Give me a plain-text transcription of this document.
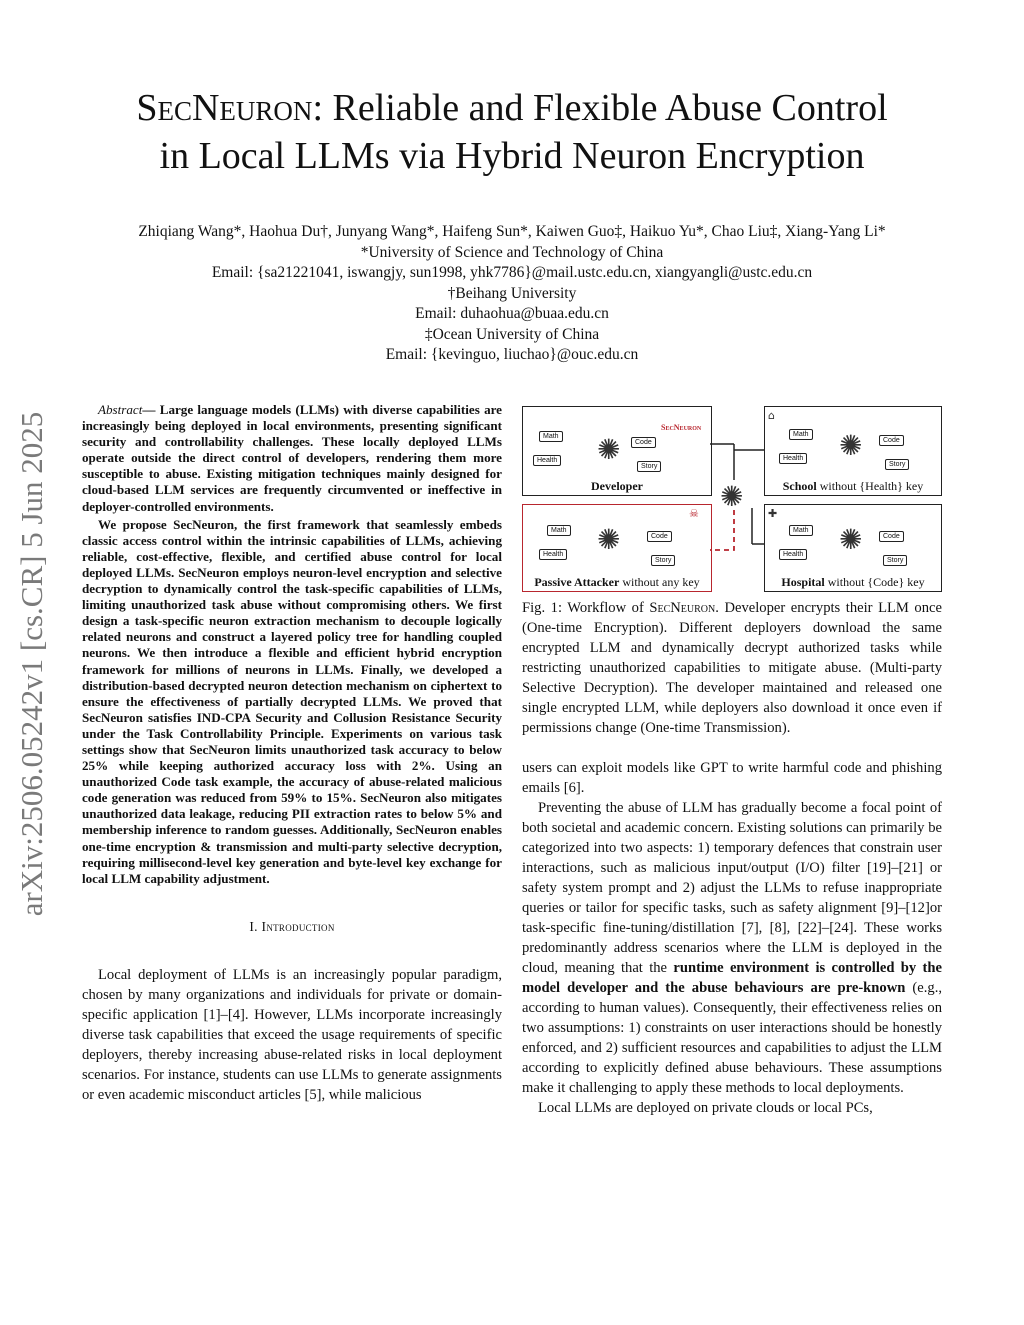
SecNeuron: Reliable and Flexible Abuse Control
in Local LLMs via Hybrid Neuron Encryption
Zhiqiang Wang*, Haohua Du†, Junyang Wang*, Haifeng Sun*, Kaiwen Guo‡, Haikuo Yu*, Chao Liu‡, Xiang-Yang Li*
*University of Science and Technology of China
Email: {sa21221041, iswangjy, sun1998, yhk7786}@mail.ustc.edu.cn, xiangyangli@ustc.edu.cn
†Beihang University
Email: duhaohua@buaa.edu.cn
‡Ocean University of China
Email: {kevinguo, liuchao}@ouc.edu.cn
arXiv:2506.05242v1 [cs.CR] 5 Jun 2025

Abstract— Large language models (LLMs) with diverse capabilities are increasingly being deployed in local environments, presenting significant security and controllability challenges. These locally deployed LLMs operate outside the direct control of developers, rendering them more susceptible to abuse. Existing mitigation techniques mainly designed for cloud-based LLM services are frequently circumvented or ineffective in deployer-controlled environments.

We propose SecNeuron, the first framework that seamlessly embeds classic access control within the intrinsic capabilities of LLMs, achieving reliable, cost-effective, flexible, and certified abuse control for local deployed LLMs. SecNeuron employs neuron-level encryption and selective decryption to dynamically control the task-specific capabilities of LLMs, limiting unauthorized task abuse without compromising others. We first design a task-specific neuron extraction mechanism to decouple logically related neurons and construct a layered policy tree for handling coupled neurons. We then introduce a flexible and efficient hybrid encryption framework for millions of neurons in LLMs. Finally, we developed a distribution-based decrypted neuron detection mechanism on ciphertext to ensure the effectiveness of partially decrypted LLMs. We proved that SecNeuron satisfies IND-CPA Security and Collusion Resistance Security under the Task Controllability Principle. Experiments on various task settings show that SecNeuron limits unauthorized task accuracy to below 25% while keeping authorized accuracy loss with 2%. Using an unauthorized Code task example, the accuracy of abuse-related malicious code generation was reduced from 59% to 15%. SecNeuron also mitigates unauthorized data leakage, reducing PII extraction rates to below 5% and membership inference to random guesses. Additionally, SecNeuron enables one-time encryption & transmission and multi-party selective decryption, requiring millisecond-level key generation and byte-level key exchange for local LLM capability adjustment.

I. Introduction

Local deployment of LLMs is an increasingly popular paradigm, chosen by many organizations and individuals for private or domain-specific application [1]–[4]. However, LLMs incorporate increasingly diverse task capabilities that exceed the usage requirements of specific deployers, thereby increasing abuse-related risks in local deployment scenarios. For instance, students can use LLMs to generate assignments or even academic misconduct articles [5], while malicious

SecNeuron
Math
Code
Health
Story
✺
Developer
⌂
Math
Code
Health
Story
✺
School without {Health} key
✺
Math
Code
Health
Story
✺
☠
Passive Attacker without any key
✚
Math
Code
Health
Story
✺
Hospital without {Code} key

Fig. 1: Workflow of SecNeuron. Developer encrypts their LLM once (One-time Encryption). Different deployers download the same encrypted LLM and dynamically decrypt authorized tasks while restricting unauthorized capabilities to mitigate abuse. (Multi-party Selective Decryption). The developer maintained and released one single encrypted LLM, while deployers also download it once even if permissions change (One-time Transmission).

users can exploit models like GPT to write harmful code and phishing emails [6].

Preventing the abuse of LLM has gradually become a focal point of both societal and academic concern. Existing solutions can primarily be categorized into two aspects: 1) temporary defences that constrain user interactions, such as malicious input/output (I/O) filter [19]–[21] or safety system prompt and 2) adjust the LLMs to refuse inappropriate queries or tailor for specific tasks, such as safety alignment [9]–[12]or task-specific fine-tuning/distillation [7], [8], [22]–[24]. These works predominantly address scenarios where the LLM is deployed in the cloud, meaning that the runtime environment is controlled by the model developer and the abuse behaviours are pre-known (e.g., according to human values). Consequently, their effectiveness relies on two assumptions: 1) constraints on user interactions should be honestly enforced, and 2) sufficient resources and capabilities to adjust the LLM according to explicitly defined abuse behaviours. These assumptions make it challenging to apply these methods to local deployments.

Local LLMs are deployed on private clouds or local PCs,
